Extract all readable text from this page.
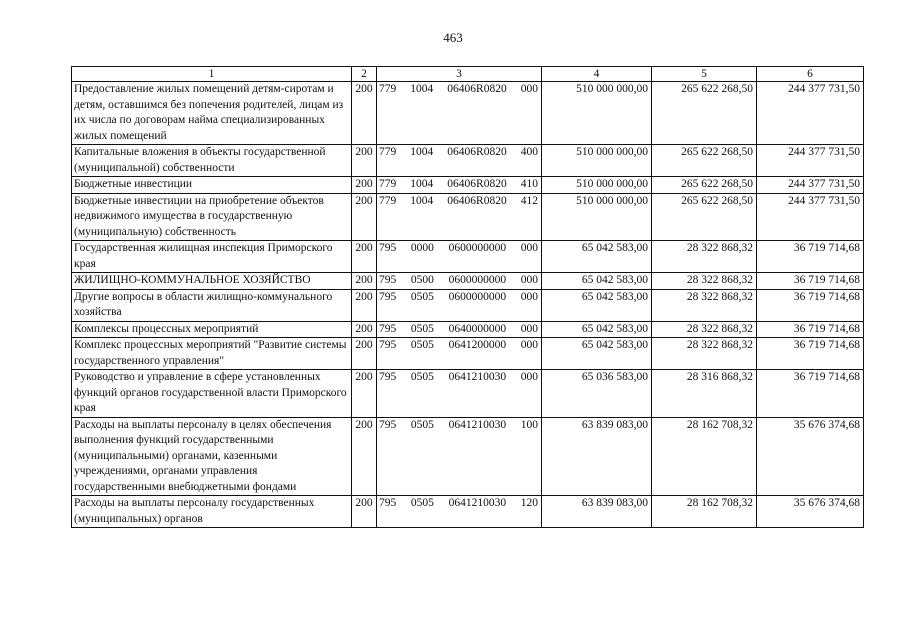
463
1	2	3	4	5	6
Предоставление жилых помещений детям-сиротам и детям, оставшимся без попечения родителей, лицам из их числа по договорам найма специализированных жилых помещений	200	779 1004 06406R0820 000	510 000 000,00	265 622 268,50	244 377 731,50
Капитальные вложения в объекты государственной (муниципальной) собственности	200	779 1004 06406R0820 400	510 000 000,00	265 622 268,50	244 377 731,50
Бюджетные инвестиции	200	779 1004 06406R0820 410	510 000 000,00	265 622 268,50	244 377 731,50
Бюджетные инвестиции на приобретение объектов недвижимого имущества в государственную (муниципальную) собственность	200	779 1004 06406R0820 412	510 000 000,00	265 622 268,50	244 377 731,50
Государственная жилищная инспекция Приморского края	200	795 0000 0600000000 000	65 042 583,00	28 322 868,32	36 719 714,68
ЖИЛИЩНО-КОММУНАЛЬНОЕ ХОЗЯЙСТВО	200	795 0500 0600000000 000	65 042 583,00	28 322 868,32	36 719 714,68
Другие вопросы в области жилищно-коммунального хозяйства	200	795 0505 0600000000 000	65 042 583,00	28 322 868,32	36 719 714,68
Комплексы процессных мероприятий	200	795 0505 0640000000 000	65 042 583,00	28 322 868,32	36 719 714,68
Комплекс процессных мероприятий "Развитие системы государственного управления"	200	795 0505 0641200000 000	65 042 583,00	28 322 868,32	36 719 714,68
Руководство и управление в сфере установленных функций органов государственной власти Приморского края	200	795 0505 0641210030 000	65 036 583,00	28 316 868,32	36 719 714,68
Расходы на выплаты персоналу в целях обеспечения выполнения функций государственными (муниципальными) органами, казенными учреждениями, органами управления государственными внебюджетными фондами	200	795 0505 0641210030 100	63 839 083,00	28 162 708,32	35 676 374,68
Расходы на выплаты персоналу государственных (муниципальных) органов	200	795 0505 0641210030 120	63 839 083,00	28 162 708,32	35 676 374,68
